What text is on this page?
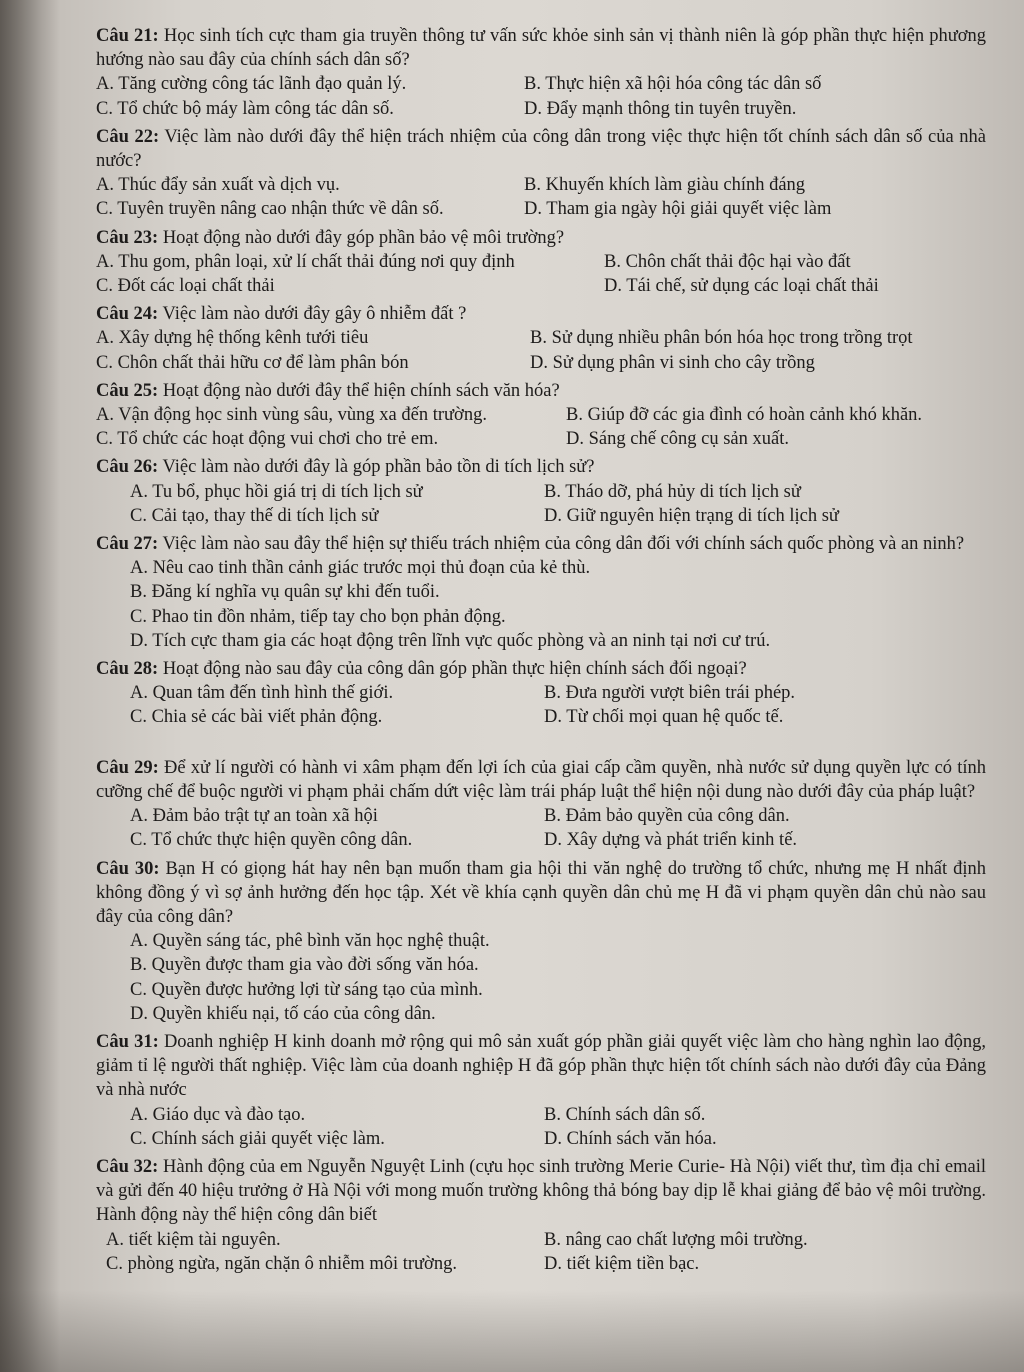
Câu 21: Học sinh tích cực tham gia truyền thông tư vấn sức khỏe sinh sản vị thành niên là góp phần thực hiện phương hướng nào sau đây của chính sách dân số?

A. Tăng cường công tác lãnh đạo quản lý.	B. Thực hiện xã hội hóa công tác dân số
C. Tổ chức bộ máy làm công tác dân số.	D. Đẩy mạnh thông tin tuyên truyền.

Câu 22: Việc làm nào dưới đây thể hiện trách nhiệm của công dân trong việc thực hiện tốt chính sách dân số của nhà nước?

A. Thúc đẩy sản xuất và dịch vụ.	B. Khuyến khích làm giàu chính đáng
C. Tuyên truyền nâng cao nhận thức về dân số.	D. Tham gia ngày hội giải quyết việc làm

Câu 23: Hoạt động nào dưới đây góp phần bảo vệ môi trường?

A. Thu gom, phân loại, xử lí chất thải đúng nơi quy định	B. Chôn chất thải độc hại vào đất
C. Đốt các loại chất thải	D. Tái chế, sử dụng các loại chất thải

Câu 24: Việc làm nào dưới đây gây ô nhiễm đất ?

A. Xây dựng hệ thống kênh tưới tiêu	B. Sử dụng nhiều phân bón hóa học trong trồng trọt
C. Chôn chất thải hữu cơ để làm phân bón	D. Sử dụng phân vi sinh cho cây trồng

Câu 25: Hoạt động nào dưới đây thể hiện chính sách văn hóa?

A. Vận động học sinh vùng sâu, vùng xa đến trường.	B. Giúp đỡ các gia đình có hoàn cảnh khó khăn.
C. Tổ chức các hoạt động vui chơi cho trẻ em.	D. Sáng chế công cụ sản xuất.

Câu 26: Việc làm nào dưới đây là góp phần bảo tồn di tích lịch sử?

A. Tu bổ, phục hồi giá trị di tích lịch sử	B. Tháo dỡ, phá hủy di tích lịch sử
C. Cải tạo, thay thế di tích lịch sử	D. Giữ nguyên hiện trạng di tích lịch sử

Câu 27: Việc làm nào sau đây thể hiện sự thiếu trách nhiệm của công dân đối với chính sách quốc phòng và an ninh?

A. Nêu cao tinh thần cảnh giác trước mọi thủ đoạn của kẻ thù.
B. Đăng kí nghĩa vụ quân sự khi đến tuổi.
C. Phao tin đồn nhảm, tiếp tay cho bọn phản động.
D. Tích cực tham gia các hoạt động trên lĩnh vực quốc phòng và an ninh tại nơi cư trú.

Câu 28: Hoạt động nào sau đây của công dân góp phần thực hiện chính sách đối ngoại?

A. Quan tâm đến tình hình thế giới.	B. Đưa người vượt biên trái phép.
C. Chia sẻ các bài viết phản động.	D. Từ chối mọi quan hệ quốc tế.

Câu 29: Để xử lí người có hành vi xâm phạm đến lợi ích của giai cấp cầm quyền, nhà nước sử dụng quyền lực có tính cưỡng chế để buộc người vi phạm phải chấm dứt việc làm trái pháp luật thể hiện nội dung nào dưới đây của pháp luật?

A. Đảm bảo trật tự an toàn xã hội	B. Đảm bảo quyền của công dân.
C. Tổ chức thực hiện quyền công dân.	D. Xây dựng và phát triển kinh tế.

Câu 30: Bạn H có giọng hát hay nên bạn muốn tham gia hội thi văn nghệ do trường tổ chức, nhưng mẹ H nhất định không đồng ý vì sợ ảnh hưởng đến học tập. Xét về khía cạnh quyền dân chủ mẹ H đã vi phạm quyền dân chủ nào sau đây của công dân?

A. Quyền sáng tác, phê bình văn học nghệ thuật.
B. Quyền được tham gia vào đời sống văn hóa.
C. Quyền được hưởng lợi từ sáng tạo của mình.
D. Quyền khiếu nại, tố cáo của công dân.

Câu 31: Doanh nghiệp H kinh doanh mở rộng qui mô sản xuất góp phần giải quyết việc làm cho hàng nghìn lao động, giảm tỉ lệ người thất nghiệp. Việc làm của doanh nghiệp H đã góp phần thực hiện tốt chính sách nào dưới đây của Đảng và nhà nước

A. Giáo dục và đào tạo.	B. Chính sách dân số.
C. Chính sách giải quyết việc làm.	D. Chính sách văn hóa.

Câu 32: Hành động của em Nguyễn Nguyệt Linh (cựu học sinh trường Merie Curie- Hà Nội) viết thư, tìm địa chỉ email và gửi đến 40 hiệu trưởng ở Hà Nội với mong muốn trường không thả bóng bay dịp lễ khai giảng để bảo vệ môi trường. Hành động này thể hiện công dân biết

A. tiết kiệm tài nguyên.	B. nâng cao chất lượng môi trường.
C. phòng ngừa, ngăn chặn ô nhiễm môi trường.	D. tiết kiệm tiền bạc.
